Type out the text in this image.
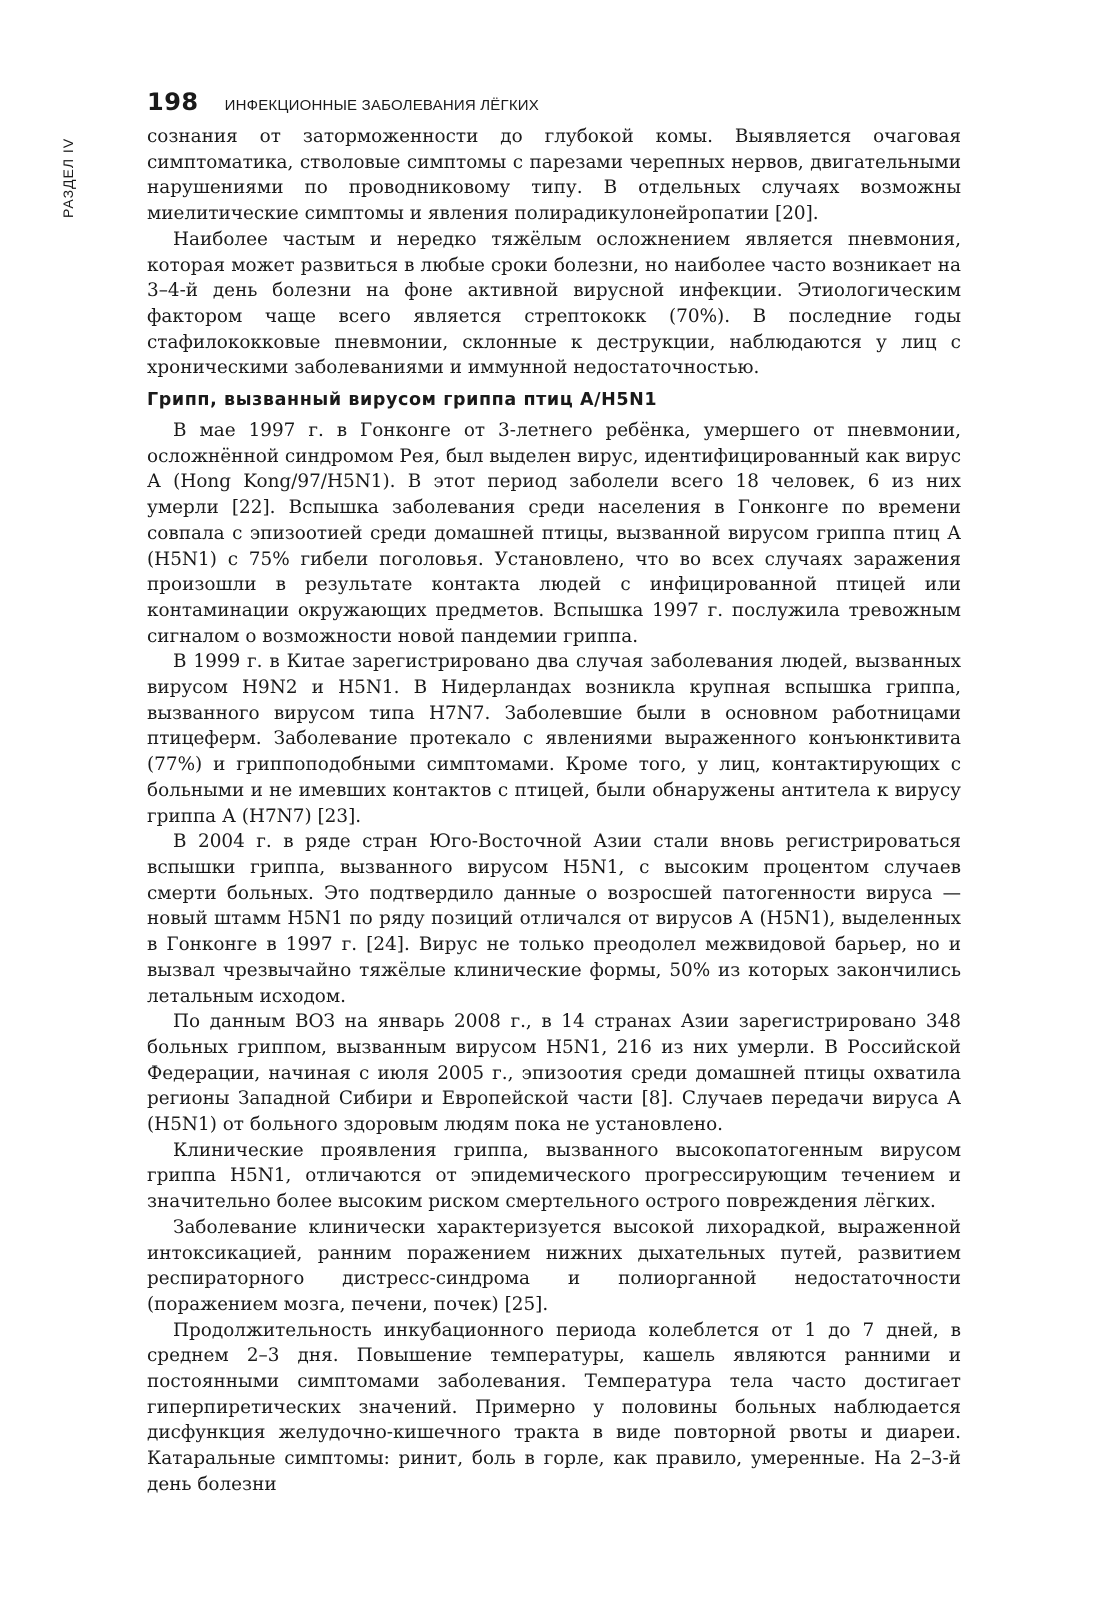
198 ИНФЕКЦИОННЫЕ ЗАБОЛЕВАНИЯ ЛЁГКИХ
РАЗДЕЛ IV

сознания от заторможенности до глубокой комы. Выявляется очаговая симптоматика, стволовые симптомы с парезами черепных нервов, двигательными нарушениями по проводниковому типу. В отдельных случаях возможны миелитические симптомы и явления полирадикулонейропатии [20].

Наиболее частым и нередко тяжёлым осложнением является пневмония, которая может развиться в любые сроки болезни, но наиболее часто возникает на 3–4-й день болезни на фоне активной вирусной инфекции. Этиологическим фактором чаще всего является стрептококк (70%). В последние годы стафилококковые пневмонии, склонные к деструкции, наблюдаются у лиц с хроническими заболеваниями и иммунной недостаточностью.

Грипп, вызванный вирусом гриппа птиц A/H5N1

В мае 1997 г. в Гонконге от 3-летнего ребёнка, умершего от пневмонии, осложнённой синдромом Рея, был выделен вирус, идентифицированный как вирус А (Hong Kong/97/H5N1). В этот период заболели всего 18 человек, 6 из них умерли [22]. Вспышка заболевания среди населения в Гонконге по времени совпала с эпизоотией среди домашней птицы, вызванной вирусом гриппа птиц А (H5N1) с 75% гибели поголовья. Установлено, что во всех случаях заражения произошли в результате контакта людей с инфицированной птицей или контаминации окружающих предметов. Вспышка 1997 г. послужила тревожным сигналом о возможности новой пандемии гриппа.

В 1999 г. в Китае зарегистрировано два случая заболевания людей, вызванных вирусом H9N2 и H5N1. В Нидерландах возникла крупная вспышка гриппа, вызванного вирусом типа H7N7. Заболевшие были в основном работницами птицеферм. Заболевание протекало с явлениями выраженного конъюнктивита (77%) и гриппоподобными симптомами. Кроме того, у лиц, контактирующих с больными и не имевших контактов с птицей, были обнаружены антитела к вирусу гриппа А (H7N7) [23].

В 2004 г. в ряде стран Юго-Восточной Азии стали вновь регистрироваться вспышки гриппа, вызванного вирусом H5N1, с высоким процентом случаев смерти больных. Это подтвердило данные о возросшей патогенности вируса — новый штамм H5N1 по ряду позиций отличался от вирусов А (H5N1), выделенных в Гонконге в 1997 г. [24]. Вирус не только преодолел межвидовой барьер, но и вызвал чрезвычайно тяжёлые клинические формы, 50% из которых закончились летальным исходом.

По данным ВОЗ на январь 2008 г., в 14 странах Азии зарегистрировано 348 больных гриппом, вызванным вирусом H5N1, 216 из них умерли. В Российской Федерации, начиная с июля 2005 г., эпизоотия среди домашней птицы охватила регионы Западной Сибири и Европейской части [8]. Случаев передачи вируса А (H5N1) от больного здоровым людям пока не установлено.

Клинические проявления гриппа, вызванного высокопатогенным вирусом гриппа H5N1, отличаются от эпидемического прогрессирующим течением и значительно более высоким риском смертельного острого повреждения лёгких.

Заболевание клинически характеризуется высокой лихорадкой, выраженной интоксикацией, ранним поражением нижних дыхательных путей, развитием респираторного дистресс-синдрома и полиорганной недостаточности (поражением мозга, печени, почек) [25].

Продолжительность инкубационного периода колеблется от 1 до 7 дней, в среднем 2–3 дня. Повышение температуры, кашель являются ранними и постоянными симптомами заболевания. Температура тела часто достигает гиперпиретических значений. Примерно у половины больных наблюдается дисфункция желудочно-кишечного тракта в виде повторной рвоты и диареи. Катаральные симптомы: ринит, боль в горле, как правило, умеренные. На 2–3-й день болезни
